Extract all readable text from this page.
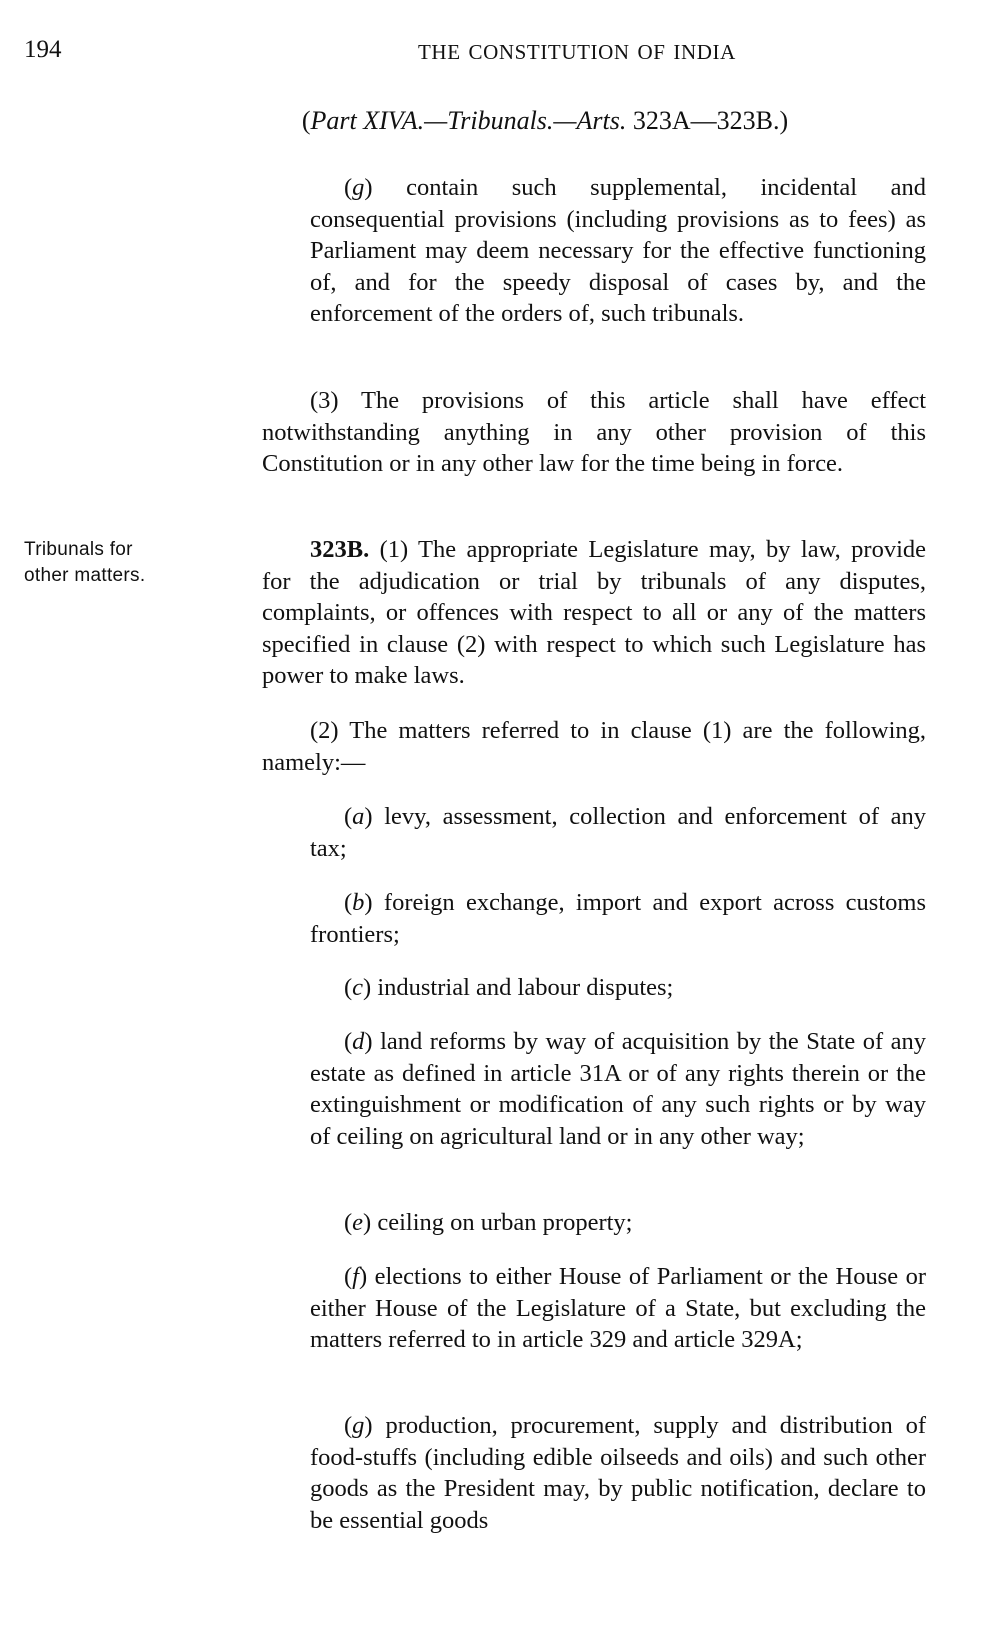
194	THE CONSTITUTION OF INDIA
(Part XIVA.—Tribunals.—Arts. 323A—323B.)

(g) contain such supplemental, incidental and consequential provisions (including provisions as to fees) as Parliament may deem necessary for the effective functioning of, and for the speedy disposal of cases by, and the enforcement of the orders of, such tribunals.

(3) The provisions of this article shall have effect notwithstanding anything in any other provision of this Constitution or in any other law for the time being in force.

Tribunals for
other matters.

323B. (1) The appropriate Legislature may, by law, provide for the adjudication or trial by tribunals of any disputes, complaints, or offences with respect to all or any of the matters specified in clause (2) with respect to which such Legislature has power to make laws.

(2) The matters referred to in clause (1) are the following, namely:—

(a) levy, assessment, collection and enforcement of any tax;

(b) foreign exchange, import and export across customs frontiers;

(c) industrial and labour disputes;

(d) land reforms by way of acquisition by the State of any estate as defined in article 31A or of any rights therein or the extinguishment or modification of any such rights or by way of ceiling on agricultural land or in any other way;

(e) ceiling on urban property;

(f) elections to either House of Parliament or the House or either House of the Legislature of a State, but excluding the matters referred to in article 329 and article 329A;

(g) production, procurement, supply and distribution of food-stuffs (including edible oilseeds and oils) and such other goods as the President may, by public notification, declare to be essential goods
